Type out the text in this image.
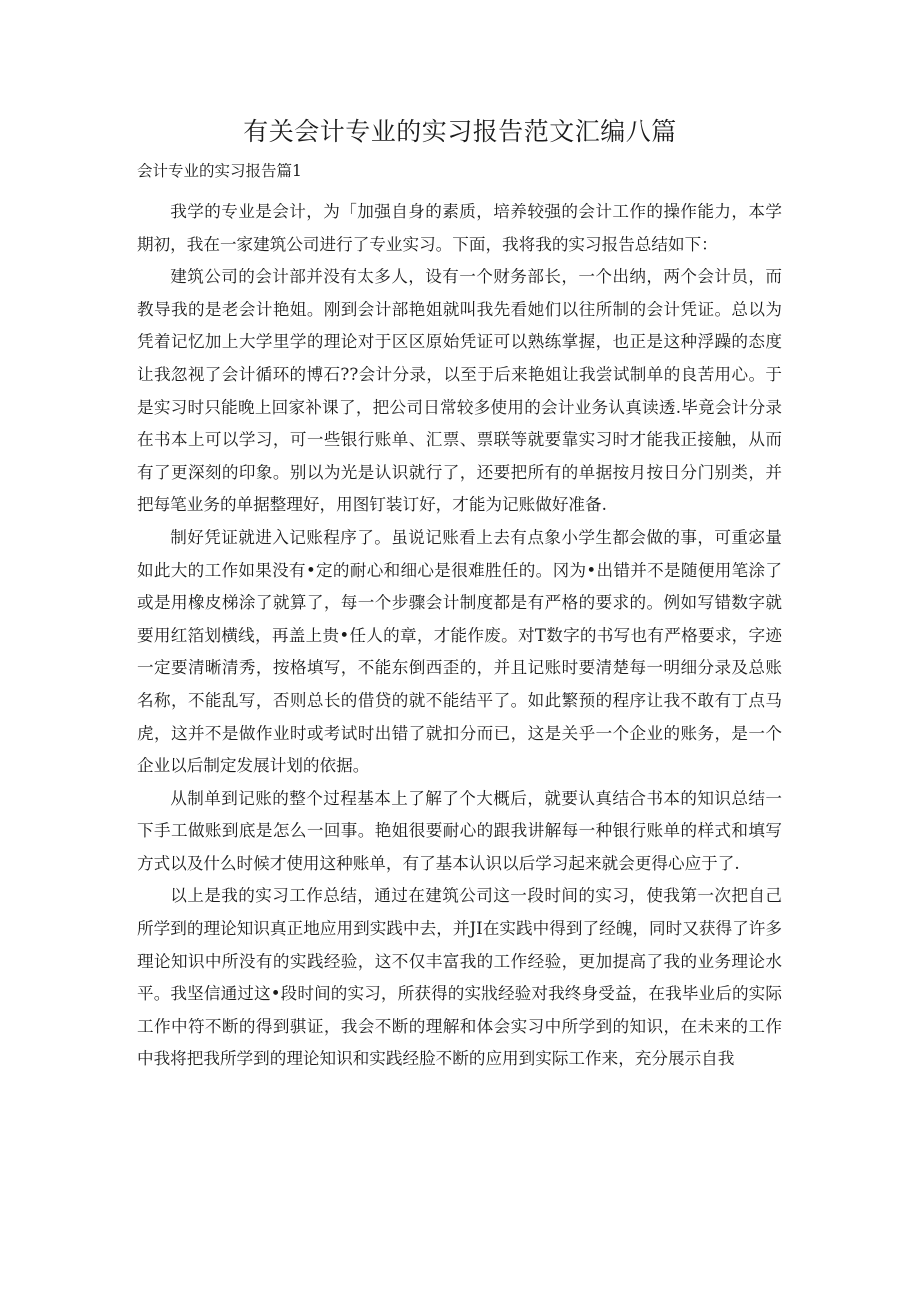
有关会计专业的实习报告范文汇编八篇

会计专业的实习报告篇1

我学的专业是会计，为「加强自身的素质，培养较强的会计工作的操作能力，本学期初，我在一家建筑公司进行了专业实习。下面，我将我的实习报告总结如下：

建筑公司的会计部并没有太多人，设有一个财务部长，一个出纳，两个会计员，而教导我的是老会计艳姐。刚到会计部艳姐就叫我先看她们以往所制的会计凭证。总以为凭着记忆加上大学里学的理论对于区区原始凭证可以熟练掌握，也正是这种浮躁的态度让我忽视了会计循环的博石??会计分录，以至于后来艳姐让我尝试制单的良苦用心。于是实习时只能晚上回家补课了，把公司日常较多使用的会计业务认真读透.毕竟会计分录在书本上可以学习，可一些银行账单、汇票、票联等就要靠实习时才能我正接触，从而有了更深刻的印象。别以为光是认识就行了，还要把所有的单据按月按日分门别类，并把每笔业务的单据整理好，用图钉装订好，才能为记账做好准备.

制好凭证就进入记账程序了。虽说记账看上去有点象小学生都会做的事，可重宓量如此大的工作如果没有•定的耐心和细心是很难胜任的。冈为•出错并不是随便用笔涂了或是用橡皮梯涂了就算了，每一个步骤会计制度都是有严格的要求的。例如写错数字就要用红箔划横线，再盖上贵•任人的章，才能作废。对T数字的书写也有严格要求，字迹一定要清晰清秀，按格填写，不能东倒西歪的，并且记账时要清楚每一明细分录及总账名称，不能乱写，否则总长的借贷的就不能结平了。如此繁预的程序让我不敢有丁点马虎，这并不是做作业时或考试时出错了就扣分而已，这是关乎一个企业的账务，是一个企业以后制定发展计划的依据。

从制单到记账的整个过程基本上了解了个大概后，就要认真结合书本的知识总结一下手工做账到底是怎么一回事。艳姐很要耐心的跟我讲解每一种银行账单的样式和填写方式以及什么时候才使用这种账单，有了基本认识以后学习起来就会更得心应于了.

以上是我的实习工作总结，通过在建筑公司这一段时间的实习，使我第一次把自己所学到的理论知识真正地应用到实践中去，并JI在实践中得到了经魄，同时又获得了许多理论知识中所没有的实践经验，这不仅丰富我的工作经验，更加提高了我的业务理论水平。我坚信通过这•段时间的实习，所获得的实戕经验对我终身受益，在我毕业后的实际工作中符不断的得到骐证，我会不断的理解和体会实习中所学到的知识，在未来的工作中我将把我所学到的理论知识和实践经脸不断的应用到实际工作来，充分展示自我
